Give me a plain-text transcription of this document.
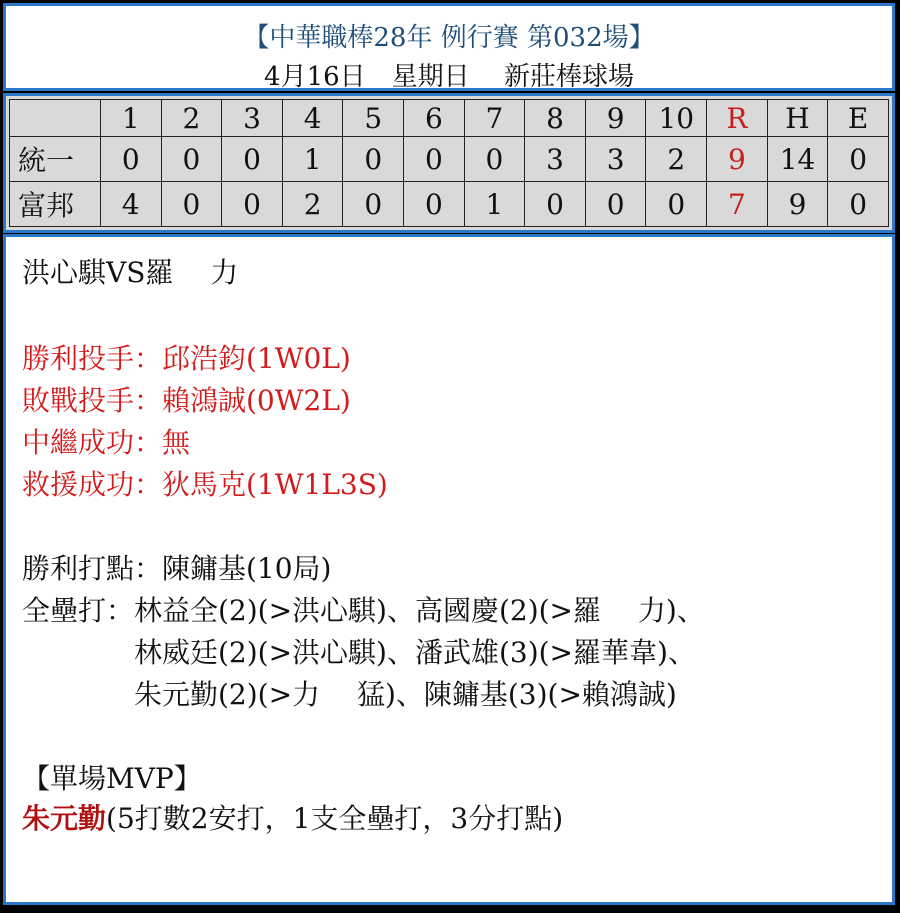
【中華職棒28年 例行賽 第032場】
4月16日　星期日　 新莊棒球場
	1	2	3	4	5	6	7	8	9	10	R	H	E
統一	0	0	0	1	0	0	0	3	3	2	9	14	0
富邦	4	0	0	2	0	0	1	0	0	0	7	9	0
洪心騏VS羅　 力
勝利投手：邱浩鈞(1W0L)
敗戰投手：賴鴻誠(0W2L)
中繼成功：無
救援成功：狄馬克(1W1L3S)
勝利打點：陳鏞基(10局)
全壘打：林益全(2)(>洪心騏)、高國慶(2)(>羅　 力)、
　　　　林威廷(2)(>洪心騏)、潘武雄(3)(>羅華韋)、
　　　　朱元勤(2)(>力　 猛)、陳鏞基(3)(>賴鴻誠)
【單場MVP】
朱元勤(5打數2安打，1支全壘打，3分打點)
